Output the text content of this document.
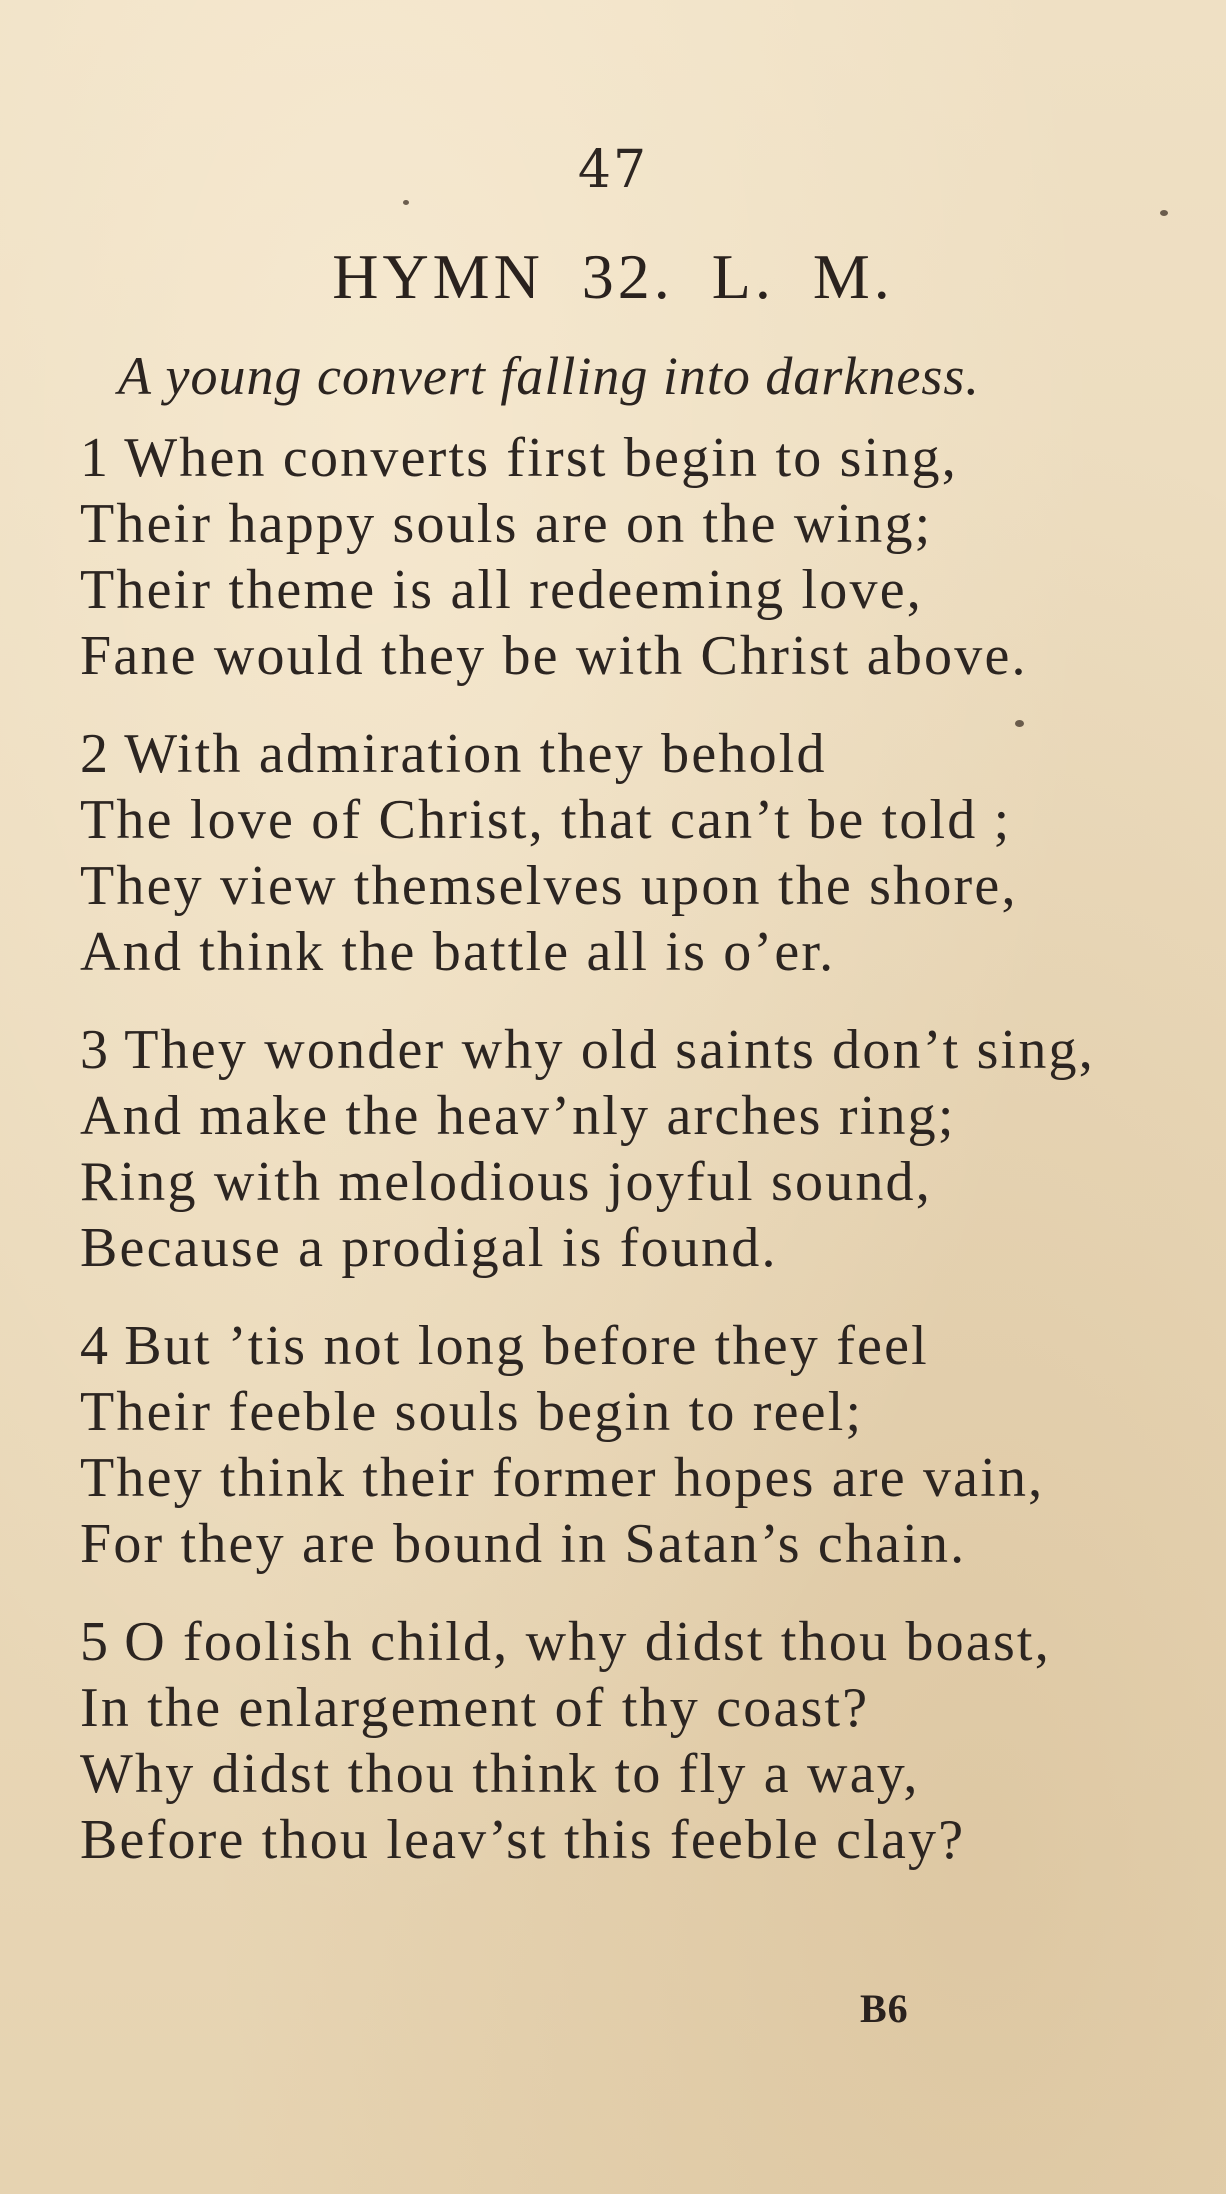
47
HYMN 32. L. M.
A young convert falling into darkness.
1 When converts first begin to sing,
Their happy souls are on the wing;
Their theme is all redeeming love,
Fane would they be with Christ above.
2 With admiration they behold
The love of Christ, that can’t be told ;
They view themselves upon the shore,
And think the battle all is o’er.
3 They wonder why old saints don’t sing,
And make the heav’nly arches ring;
Ring with melodious joyful sound,
Because a prodigal is found.
4 But ’tis not long before they feel
Their feeble souls begin to reel;
They think their former hopes are vain,
For they are bound in Satan’s chain.
5 O foolish child, why didst thou boast,
In the enlargement of thy coast?
Why didst thou think to fly a way,
Before thou leav’st this feeble clay?
B6
